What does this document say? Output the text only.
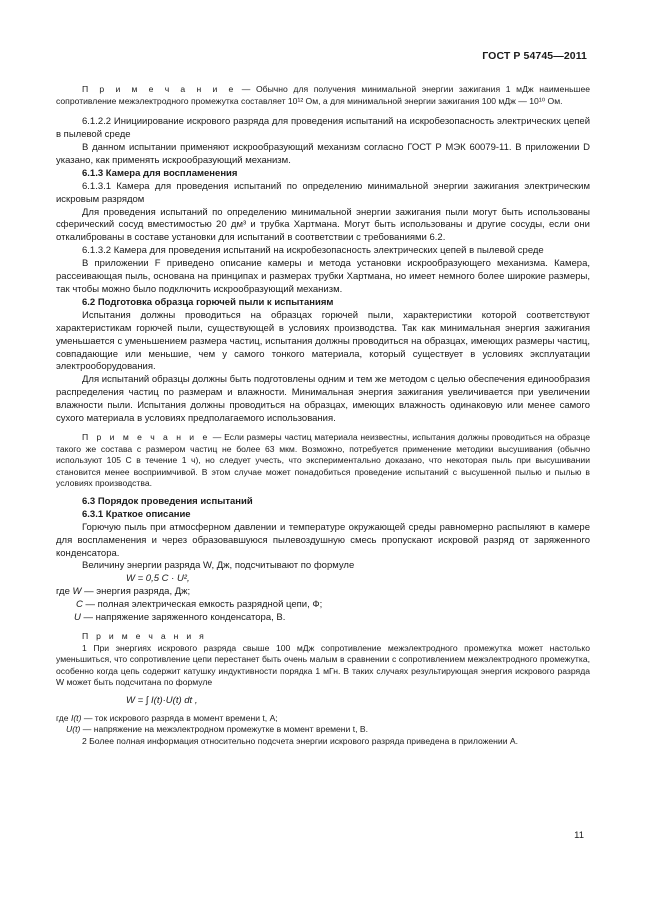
ГОСТ Р 54745—2011

П р и м е ч а н и е — Обычно для получения минимальной энергии зажигания 1 мДж наименьшее сопротивление межэлектродного промежутка составляет 10¹² Ом, а для минимальной энергии зажигания 100 мДж — 10¹⁰ Ом.

6.1.2.2 Инициирование искрового разряда для проведения испытаний на искробезопасность электрических цепей в пылевой среде

В данном испытании применяют искрообразующий механизм согласно ГОСТ Р МЭК 60079-11. В приложении D указано, как применять искрообразующий механизм.

6.1.3 Камера для воспламенения

6.1.3.1 Камера для проведения испытаний по определению минимальной энергии зажигания электрическим искровым разрядом

Для проведения испытаний по определению минимальной энергии зажигания пыли могут быть использованы сферический сосуд вместимостью 20 дм³ и трубка Хартмана. Могут быть использованы и другие сосуды, если они откалиброваны в составе установки для испытаний в соответствии с требованиями 6.2.

6.1.3.2 Камера для проведения испытаний на искробезопасность электрических цепей в пылевой среде

В приложении F приведено описание камеры и метода установки искрообразующего механизма. Камера, рассеивающая пыль, основана на принципах и размерах трубки Хартмана, но имеет немного более широкие размеры, так чтобы можно было подключить искрообразующий механизм.

6.2 Подготовка образца горючей пыли к испытаниям

Испытания должны проводиться на образцах горючей пыли, характеристики которой соответствуют характеристикам горючей пыли, существующей в условиях производства. Так как минимальная энергия зажигания уменьшается с уменьшением размера частиц, испытания должны проводиться на образцах, имеющих размеры частиц, совпадающие или меньшие, чем у самого тонкого материала, который существует в условиях эксплуатации электрооборудования.

Для испытаний образцы должны быть подготовлены одним и тем же методом с целью обеспечения единообразия распределения частиц по размерам и влажности. Минимальная энергия зажигания увеличивается при увеличении влажности пыли. Испытания должны проводиться на образцах, имеющих влажность одинаковую или менее самого сухого материала в условиях предполагаемого использования.

П р и м е ч а н и е — Если размеры частиц материала неизвестны, испытания должны проводиться на образце такого же состава с размером частиц не более 63 мкм. Возможно, потребуется применение методики высушивания (обычно используют 105 С в течение 1 ч), но следует учесть, что экспериментально доказано, что некоторая пыль при высушивании становится менее восприимчивой. В этом случае может понадобиться проведение испытаний с высушенной пылью и пылью в условиях производства.

6.3 Порядок проведения испытаний

6.3.1 Краткое описание

Горючую пыль при атмосферном давлении и температуре окружающей среды равномерно распыляют в камере для воспламенения и через образовавшуюся пылевоздушную смесь пропускают искровой разряд от заряженного конденсатора.

Величину энергии разряда W, Дж, подсчитывают по формуле

W = 0,5 C · U²,

где W — энергия разряда, Дж;

C — полная электрическая емкость разрядной цепи, Ф;

U — напряжение заряженного конденсатора, В.

П р и м е ч а н и я

1 При энергиях искрового разряда свыше 100 мДж сопротивление межэлектродного промежутка может настолько уменьшиться, что сопротивление цепи перестанет быть очень малым в сравнении с сопротивлением межэлектродного промежутка, особенно когда цепь содержит катушку индуктивности порядка 1 мГн. В таких случаях результирующая энергия искрового разряда W может быть подсчитана по формуле

W = ∫ I(t)·U(t) dt ,

где I(t) — ток искрового разряда в момент времени t, А;

U(t) — напряжение на межэлектродном промежутке в момент времени t, В.

2 Более полная информация относительно подсчета энергии искрового разряда приведена в приложении А.

11
